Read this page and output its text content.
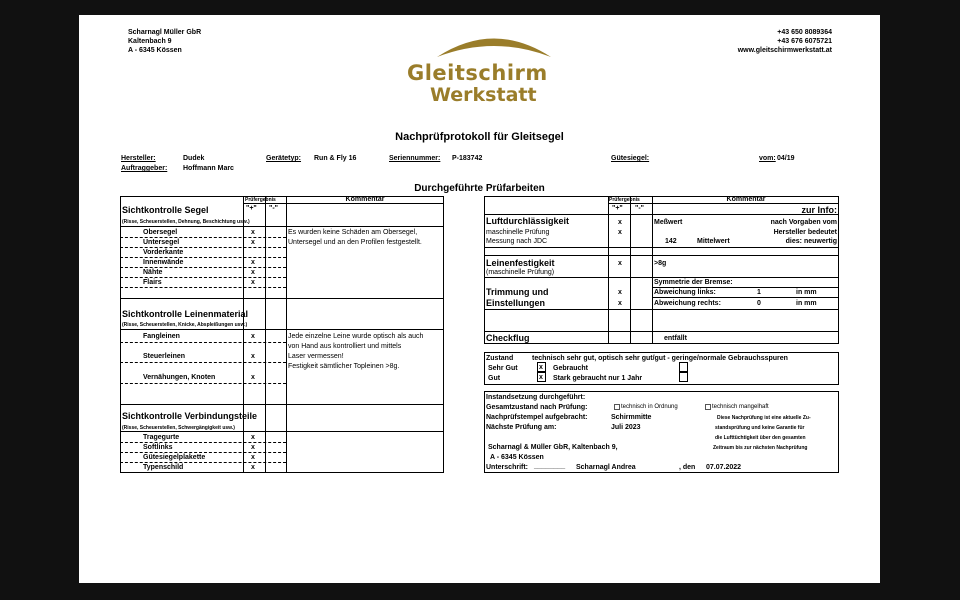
Scharnagl Müller GbR
Kaltenbach 9
A - 6345 Kössen
+43 650 8089364
+43 676 6075721
www.gleitschirmwerkstatt.at
Gleitschirm
Werkstatt
Nachprüfprotokoll für Gleitsegel
Hersteller:	Dudek	Gerätetyp: Run & Fly 16	Seriennummer: P-183742	Gütesiegel:	vom: 04/19
Auftraggeber: Hoffmann Marc
Durchgeführte Prüfarbeiten
Prüfergebnis	Kommentar
"+" "-"
Sichtkontrolle Segel
(Risse, Scheuerstellen, Dehnung, Beschichtung usw.)
Obersegel	x	Es wurden keine Schäden am Obersegel,
Untersegel	x	Untersegel und an den Profilen festgestellt.
Vorderkante
Innenwände	x
Nähte	x
Flairs	x
Sichtkontrolle Leinenmaterial
(Risse, Scheuerstellen, Knicke, Abspleißungen usw.)
Fangleinen	x	Jede einzelne Leine wurde optisch als auch
von Hand aus kontrolliert und mittels
Steuerleinen	x	Laser vermessen!
Festigkeit sämtlicher Topleinen >8g.
Vernähungen, Knoten	x
Sichtkontrolle Verbindungsteile
(Risse, Scheuerstellen, Schwergängigkeit usw.)
Tragegurte	x
Softlinks	x
Gütesiegelplakette	x
Typenschild	x
Prüfergebnis	Kommentar
"+" "-"	zur Info:
Luftdurchlässigkeit	x	Meßwert	nach Vorgaben vom
maschinelle Prüfung	x	Hersteller bedeutet
Messung nach JDC	142	Mittelwert	dies: neuwertig
Leinenfestigkeit	x	>8g
(maschinelle Prüfung)
Symmetrie der Bremse:
Trimmung und	x	Abweichung links:	1	in mm
Einstellungen	x	Abweichung rechts:	0	in mm
Checkflug	entfällt
Zustand	technisch sehr gut, optisch sehr gut/gut - geringe/normale Gebrauchsspuren
Sehr Gut	x Gebraucht
Gut	x Stark gebraucht nur 1 Jahr
Instandsetzung durchgeführt:
Gesamtzustand nach Prüfung:	technisch in Ordnung	technisch mangelhaft
Nachprüfstempel aufgebracht:	Schirmmitte	Diese Nachprüfung ist eine aktuelle Zu-
Nächste Prüfung am:	Juli 2023	standsprüfung und keine Garantie für
die Lufttüchtigkeit über den gesamten
Scharnagl & Müller GbR, Kaltenbach 9,	Zeitraum bis zur nächsten Nachprüfung
A - 6345 Kössen
Unterschrift: ________ Scharnagl Andrea	, den 07.07.2022
